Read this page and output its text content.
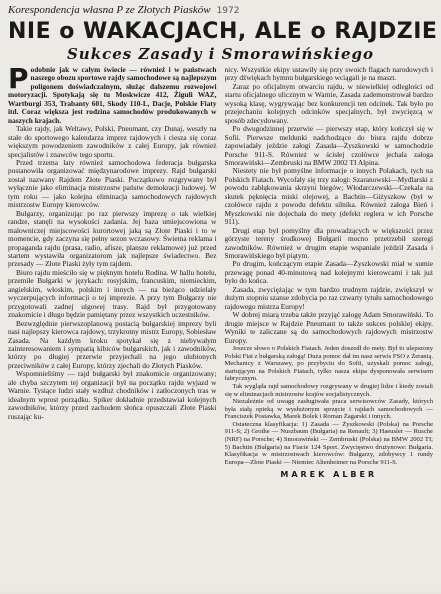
Korespondencja własna P ze Złotych Piasków 1972
NIE o WAKACJACH, ALE o RAJDZIE
Sukces Zasady i Smorawińskiego

Podobnie jak w całym świecie — również i w państwach naszego obozu sportowe rajdy samochodowe są najlepszym poligonem doświadczalnym, służąc dalszemu rozwojowi motoryzacji. Spotykają się tu Moskwicze 412, Żiguli WAZ, Wartburgi 353, Trabanty 601, Skody 110-L, Dacje, Polskie Fiaty itd. Coraz większa jest rodzina samochodów produkowanych w naszych krajach.

Takie rajdy, jak Weltawy, Polski, Pneumant, czy Dunaj, weszły na stałe do sportowego kalendarza imprez rajdowych i ciesza się coraz większym powodzeniem zawodników z całej Europy, jak również specjalistów i znawców tego sportu.

Przed trzema laty również samochodowa federacja bułgarska postanowiła organizować międzynarodowe imprezy. Rajd bułgarski został nazwany Rajdem Złote Piaski. Początkowo rozgrywany był wyłącznie jako eliminacja mistrzostw państw demokracji ludowej. W tym roku — jako kolejna eliminacja samochodowych rajdowych mistrzostw Europy kierowców.

Bułgarzy, organizując po raz pierwszy imprezę o tak wielkiej randze, stanęli na wysokości zadania. Jej baza umiejscowiona w malowniczej miejscowości kurortowej jaką są Złote Piaski i to w momencie, gdy zaczyna się pełny sezon wczasowy. Świetna reklama i propaganda rajdu (prasa, radio, afisze, plansze reklamowe) już przed startem wystawiła organizatorom jak najlepsze świadectwo. Bez przesady — Złote Piaski żyły tym rajdem.

Biuro rajdu mieściło się w pięknym hotelu Rodina. W hallu hotelu, przemiłe Bułgarki w językach: rosyjskim, francuskim, niemieckim, angielskim, włoskim, polskim i innych — na bieżąco udzielały wyczerpujących informacji o tej imprezie. A przy tym Bułgarzy nie przygotowali zadnej ulgowej trasy. Rajd był przygotowany znakomicie i długo będzie pamiętany przez wszystkich uczestników.

Bezwzględnie pierwszoplanową postacią bułgarskiej imprezy byli nasi najlepszy kierowca rajdowy, trzykrotny mistrz Europy, Sobiesław Zasada. Na każdym kroku spotykał się z niebywałym zainteresowaniem i sympatią kibiców bułgarskich, jak i zawodników, którzy po długiej przerwie przyjechali na jego ulubionych przeciwników z całej Europy, którzy zjechali do Złotych Piasków.

Wspomnieliśmy — rajd bułgarski był znakomicie organizowany; ale chyba szczytem tej organizacji był na początku rajdu wyjazd w Warnie. Tysiące ludzi stały wzdłuż chodników i zatłoczonych tras w idealnym wprost porządku. Spiker dokładnie przedstawiał kolejnych zawodników, którzy przed zachodem słońca opuszczali Złote Piaski ruszając ku-

nicy. Wszystkie ekipy ustawiły się przy swoich flagach narodowych i przy dźwiękach hymnu bułgarskiego wciągali je na maszt.

Zaraz po oficjalnym otwarciu rajdu, w niewielkiej odległości od startu oficjalnego ulicznym w Warnie, Zasada zademonstrował bardzo wysoką klasę, wygrywając bez konkurencji ten odcinek. Tak było po przejechaniu kolejnych odcinków specjalnych, był zwycięzcą w sposób zdecydowany.

Po dwugodzinnej przerwie — pierwszy etap, który kończył się w Sofii. Pierwsze meldunki nadchodzące do biura rajdu dobrze zapowiadały jeździe załogi Zasada—Żyszkowski w samochodzie Porsche 911-S. Również w ścisłej czołówce jechała załoga Smorawiński—Zembruski na BMW 2002 TI Alpina.

Niestety nie był pomyślne informacje o innych Polakach, tych na Polskich Fiatach. Wycofały się trzy załogi: Szaranowski—Mydlarski z powodu zabłąkowania skrzyni biegów; Włodarczewski—Czekala na skutek pęknięcia miski olejowej, a Bachtin—Giżyszkow (był w czołówce rajdu z powodu defektu silnika. Również załoga Bień i Myszkowski nie dojechała do mety (defekt reglera w ich Porsche 911).

Drugi etap był pomyślny dla prowadzących w większości przez górzyste tereny środkowej Bułgarii mocno przetrzebił szeregi zawodników. Również w drugim etapie wspaniale jeździł Zasada i Smorawińskiego był piątym.

Po drugim, kończącym etapie Zasada—Żyszkowski miał w sumie przewagę ponad 40-minutową nad kolejnymi kierowcami i tak już było do końca.

Zasada, zwyciężając w tym bardzo trudnym rajdzie, zwiększył w dużym stopniu szanse zdobycia po raz czwarty tytułu samochodowego rajdowego mistrza Europy!

W dobrej miarą trzeba także przyjąć załogę Adam Smorawiński. To drugie miejsce w Rajdzie Pneumant to także sukces polskiej ekipy. Wyniki te zaliczane są do samochodowych rajdowych mistrzostw Europy.

Jeszcze słowo o Polskich Fiatach. Jeden doszedł do mety. Był to ulepszony Polski Fiat z bułgarską załogą! Duża pomoc dał im nasz serwis FSO z Żeranią. Mechanicy z Warszawy, po przybyciu do Sofii, uzyskali pomoc załogi, startującym na Polskich Fiatach, tylko nasza ekipa dysponowała serwisem fabrycznym.

Tak wygląda rajd samochodowy rozgrywany w drugiej lidze i kiedy zostali się w eliminacjach mistrzostw krajów socjalistycznych.

Niezależnie od uwagę zasługiwała praca serwisowców Zasady, których była stałą opieką w wysłużonym sprzęcie i rajdach samochodowych — Franciszek Postawka, Marek Bolek i Roman Żagarski i innych.

Ostateczna klasyfikacja: 1) Zasada — Żyszkowski (Polska) na Porsche 911-S; 2) Grothe — Nuszbaum (Bułgaria) na Renault; 3) Haeusler — Rusche (NRF) na Porsche; 4) Smorawiński — Zembruski (Polska) na BMW 2002 TI; 5) Bachtin (Bułgaria) na Fiacie 124 Sport. Zwycięstwo drużynowe: Bułgaria. Klasyfikacja w mistrzostwach kierowców: Bułgarzy, zdobywcy 1 rundy Europa—Złote Piaski — Niemiec Altenheimer na Porsche 911-S.

MAREK ALBER
